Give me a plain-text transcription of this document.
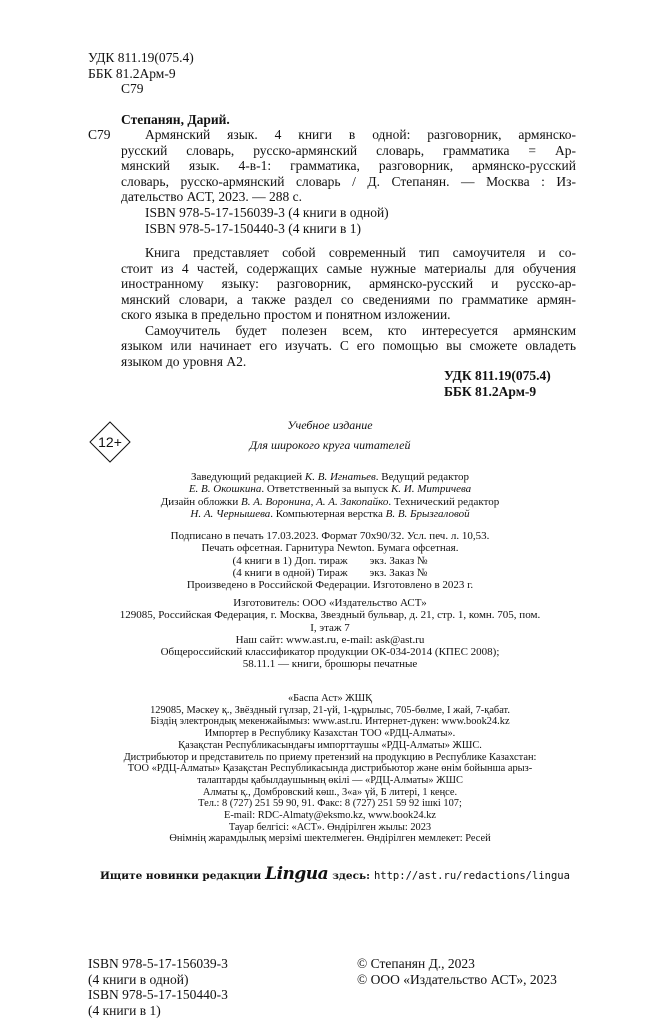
УДК 811.19(075.4)
ББК 81.2Арм-9
С79
Степанян, Дарий.
С79	Армянский язык. 4 книги в одной: разговорник, армянско-
русский словарь, русско-армянский словарь, грамматика = Ар-
мянский язык. 4-в-1: грамматика, разговорник, армянско-русский
словарь, русско-армянский словарь / Д. Степанян. — Москва : Из-
дательство АСТ, 2023. — 288 с.
ISBN 978-5-17-156039-3 (4 книги в одной)
ISBN 978-5-17-150440-3 (4 книги в 1)
Книга представляет собой современный тип самоучителя и со-
стоит из 4 частей, содержащих самые нужные материалы для обучения
иностранному языку: разговорник, армянско-русский и русско-ар-
мянский словари, а также раздел со сведениями по грамматике армян-
ского языка в предельно простом и понятном изложении.
Самоучитель будет полезен всем, кто интересуется армянским
языком или начинает его изучать. С его помощью вы сможете овладеть
языком до уровня А2.
УДК 811.19(075.4)
ББК 81.2Арм-9
Учебное издание
Для широкого круга читателей
12+
Заведующий редакцией К. В. Игнатьев. Ведущий редактор
Е. В. Окошкина. Ответственный за выпуск К. И. Митричева
Дизайн обложки В. А. Воронина, А. А. Закопайко. Технический редактор
Н. А. Чернышева. Компьютерная верстка В. В. Брызгаловой
Подписано в печать 17.03.2023. Формат 70х90/32. Усл. печ. л. 10,53.
Печать офсетная. Гарнитура Newton. Бумага офсетная.
(4 книги в 1) Доп. тираж        экз. Заказ №
(4 книги в одной) Тираж        экз. Заказ №
Произведено в Российской Федерации. Изготовлено в 2023 г.
Изготовитель: ООО «Издательство АСТ»
129085, Российская Федерация, г. Москва, Звездный бульвар, д. 21, стр. 1, комн. 705, пом.
I, этаж 7
Наш сайт: www.ast.ru, e-mail: ask@ast.ru
Общероссийский классификатор продукции ОК-034-2014 (КПЕС 2008);
58.11.1 — книги, брошюры печатные
«Баспа Аст» ЖШҚ
129085, Мәскеу қ., Звёздный гүлзар, 21-үй, 1-құрылыс, 705-бөлме, I жай, 7-қабат.
Біздің электрондық мекенжайымыз: www.ast.ru. Интернет-дүкен: www.book24.kz
Импортер в Республику Казахстан ТОО «РДЦ-Алматы».
Қазақстан Республикасындағы импорттаушы «РДЦ-Алматы» ЖШС.
Дистрибьютор и представитель по приему претензий на продукцию в Республике Казахстан:
ТОО «РДЦ-Алматы» Қазақстан Республикасында дистрибьютор және өнім бойынша арыз-
талаптарды қабылдаушының өкілі — «РДЦ-Алматы» ЖШС
Алматы қ., Домбровский көш., 3«а» үй, Б литері, 1 кеңсе.
Тел.: 8 (727) 251 59 90, 91. Факс: 8 (727) 251 59 92 ішкі 107;
E-mail: RDC-Almaty@eksmo.kz, www.book24.kz
Тауар белгісі: «АСТ». Өндірілген жылы: 2023
Өнімнің жарамдылық мерзімі шектелмеген. Өндірілген мемлекет: Ресей
Ищите новинки редакции Lingua здесь: http://ast.ru/redactions/lingua
ISBN 978-5-17-156039-3
(4 книги в одной)
ISBN 978-5-17-150440-3
(4 книги в 1)
© Степанян Д., 2023
© ООО «Издательство АСТ», 2023
